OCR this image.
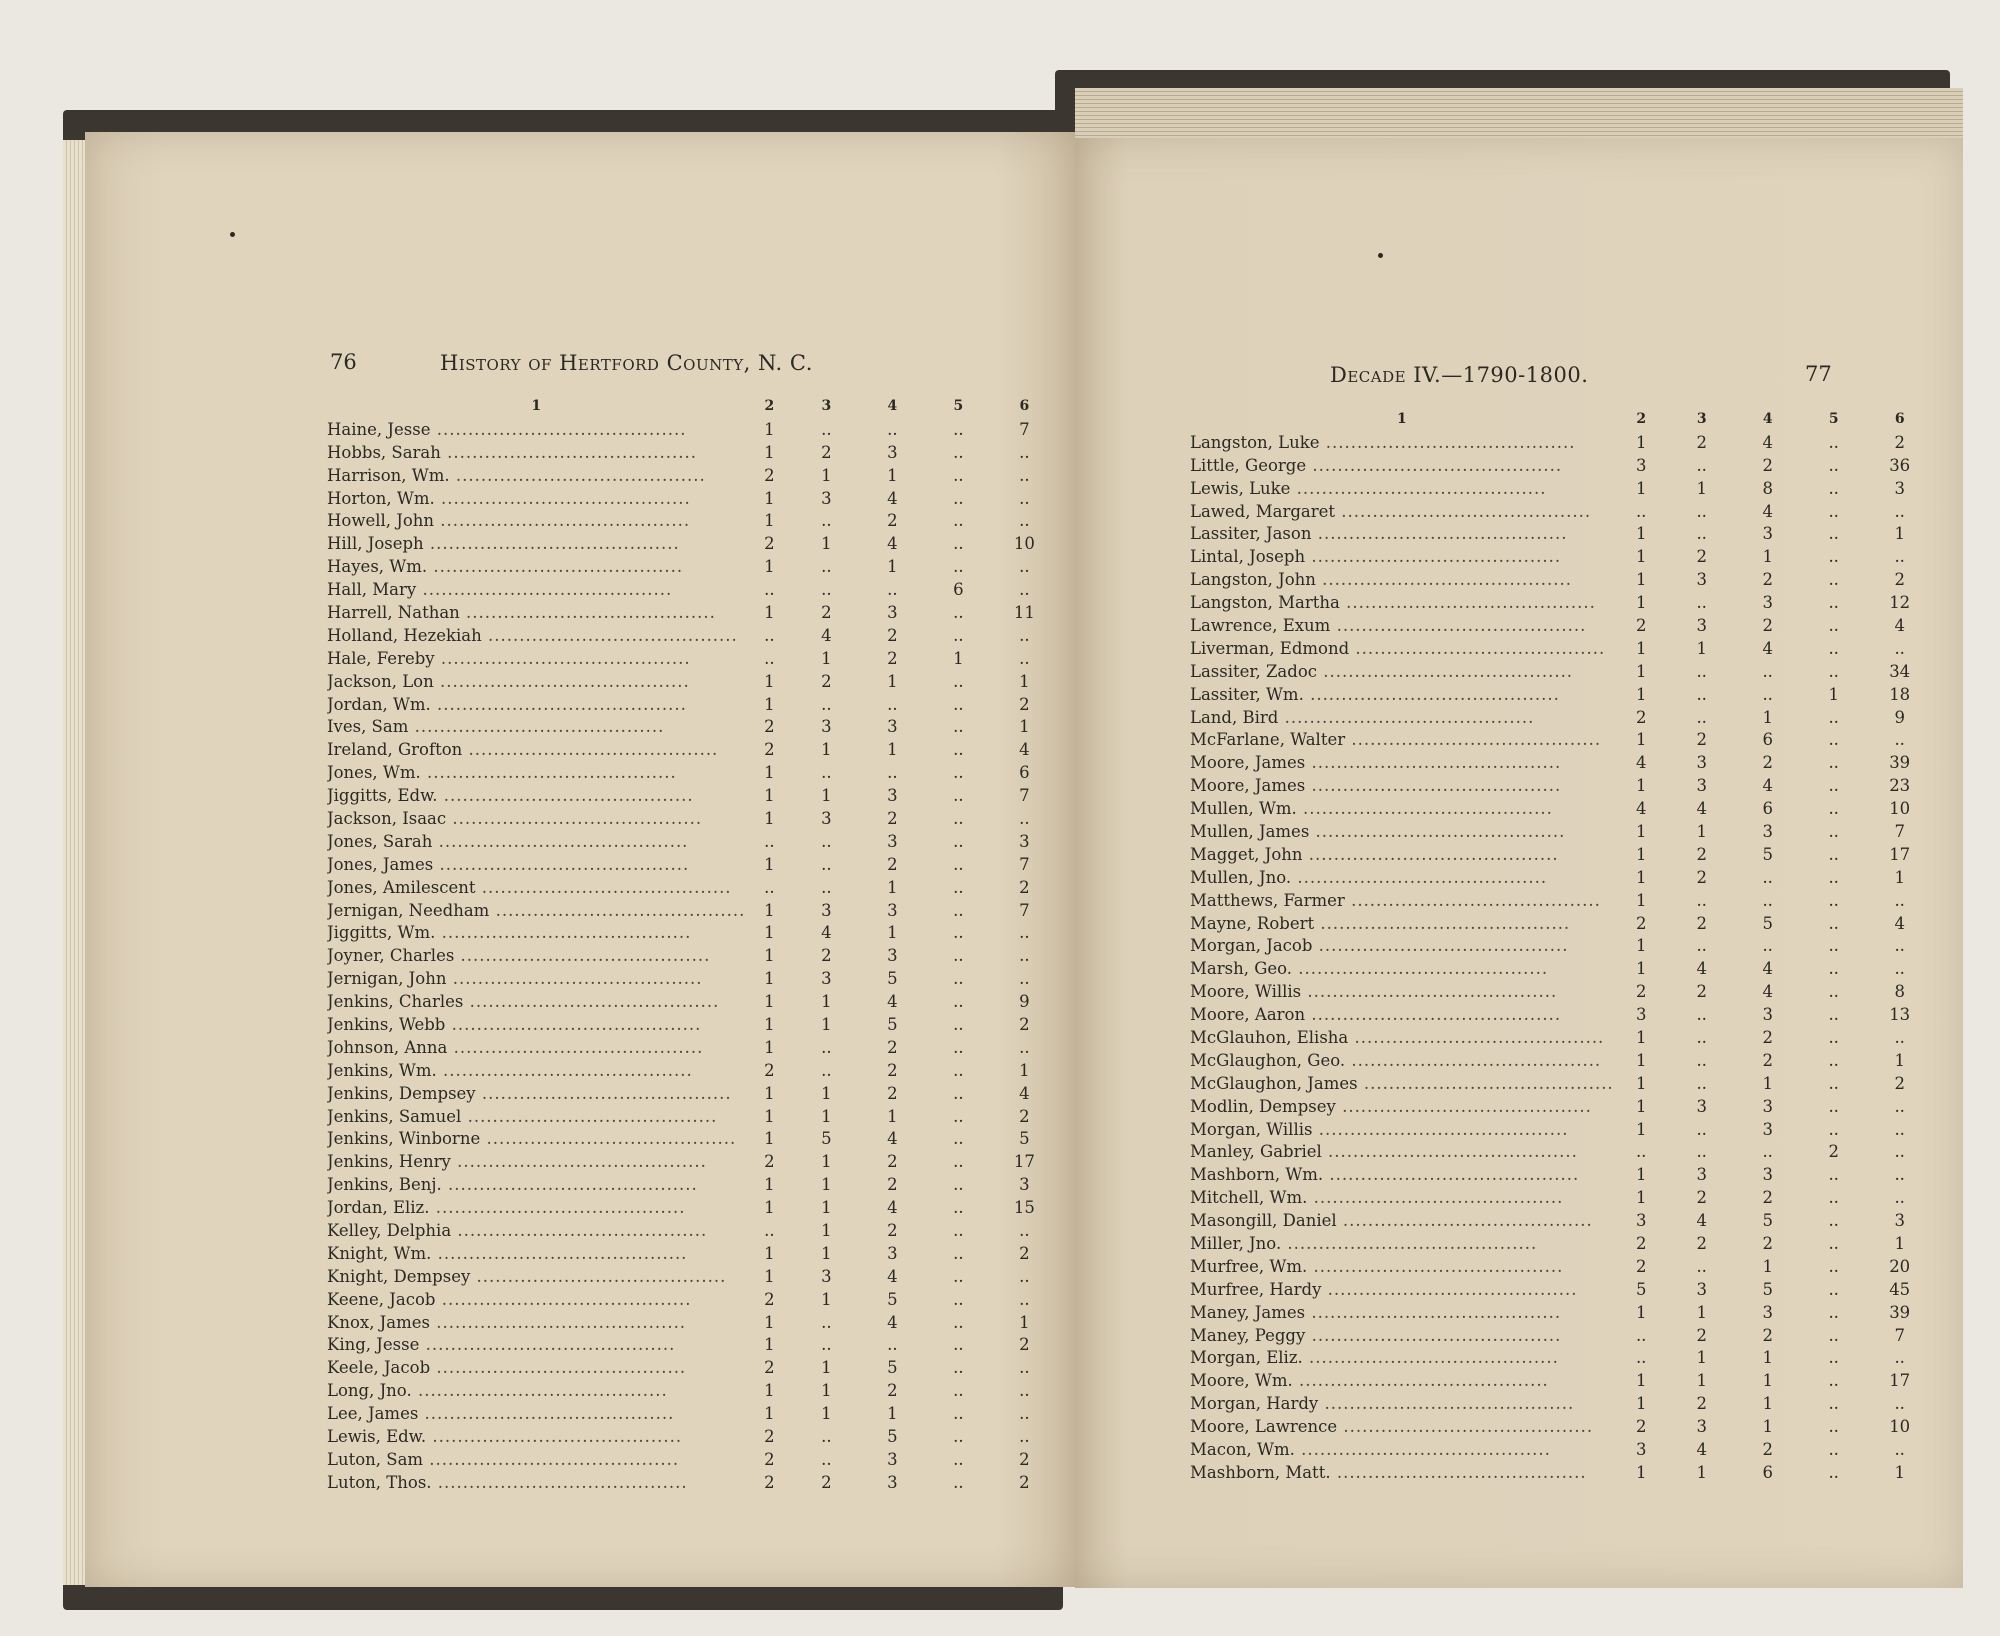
76	History of Hertford County, N. C.
1	2	3	4	5	6
Haine, Jesse ........................................	1	..	..	..	7
Hobbs, Sarah ........................................	1	2	3	..	..
Harrison, Wm. ........................................	2	1	1	..	..
Horton, Wm. ........................................	1	3	4	..	..
Howell, John ........................................	1	..	2	..	..
Hill, Joseph ........................................	2	1	4	..	10
Hayes, Wm. ........................................	1	..	1	..	..
Hall, Mary ........................................	..	..	..	6	..
Harrell, Nathan ........................................	1	2	3	..	11
Holland, Hezekiah ........................................	..	4	2	..	..
Hale, Fereby ........................................	..	1	2	1	..
Jackson, Lon ........................................	1	2	1	..	1
Jordan, Wm. ........................................	1	..	..	..	2
Ives, Sam ........................................	2	3	3	..	1
Ireland, Grofton ........................................	2	1	1	..	4
Jones, Wm. ........................................	1	..	..	..	6
Jiggitts, Edw. ........................................	1	1	3	..	7
Jackson, Isaac ........................................	1	3	2	..	..
Jones, Sarah ........................................	..	..	3	..	3
Jones, James ........................................	1	..	2	..	7
Jones, Amilescent ........................................	..	..	1	..	2
Jernigan, Needham ........................................	1	3	3	..	7
Jiggitts, Wm. ........................................	1	4	1	..	..
Joyner, Charles ........................................	1	2	3	..	..
Jernigan, John ........................................	1	3	5	..	..
Jenkins, Charles ........................................	1	1	4	..	9
Jenkins, Webb ........................................	1	1	5	..	2
Johnson, Anna ........................................	1	..	2	..	..
Jenkins, Wm. ........................................	2	..	2	..	1
Jenkins, Dempsey ........................................	1	1	2	..	4
Jenkins, Samuel ........................................	1	1	1	..	2
Jenkins, Winborne ........................................	1	5	4	..	5
Jenkins, Henry ........................................	2	1	2	..	17
Jenkins, Benj. ........................................	1	1	2	..	3
Jordan, Eliz. ........................................	1	1	4	..	15
Kelley, Delphia ........................................	..	1	2	..	..
Knight, Wm. ........................................	1	1	3	..	2
Knight, Dempsey ........................................	1	3	4	..	..
Keene, Jacob ........................................	2	1	5	..	..
Knox, James ........................................	1	..	4	..	1
King, Jesse ........................................	1	..	..	..	2
Keele, Jacob ........................................	2	1	5	..	..
Long, Jno. ........................................	1	1	2	..	..
Lee, James ........................................	1	1	1	..	..
Lewis, Edw. ........................................	2	..	5	..	..
Luton, Sam ........................................	2	..	3	..	2
Luton, Thos. ........................................	2	2	3	..	2
Decade IV.—1790-1800.	77
1	2	3	4	5	6
Langston, Luke ........................................	1	2	4	..	2
Little, George ........................................	3	..	2	..	36
Lewis, Luke ........................................	1	1	8	..	3
Lawed, Margaret ........................................	..	..	4	..	..
Lassiter, Jason ........................................	1	..	3	..	1
Lintal, Joseph ........................................	1	2	1	..	..
Langston, John ........................................	1	3	2	..	2
Langston, Martha ........................................	1	..	3	..	12
Lawrence, Exum ........................................	2	3	2	..	4
Liverman, Edmond ........................................	1	1	4	..	..
Lassiter, Zadoc ........................................	1	..	..	..	34
Lassiter, Wm. ........................................	1	..	..	1	18
Land, Bird ........................................	2	..	1	..	9
McFarlane, Walter ........................................	1	2	6	..	..
Moore, James ........................................	4	3	2	..	39
Moore, James ........................................	1	3	4	..	23
Mullen, Wm. ........................................	4	4	6	..	10
Mullen, James ........................................	1	1	3	..	7
Magget, John ........................................	1	2	5	..	17
Mullen, Jno. ........................................	1	2	..	..	1
Matthews, Farmer ........................................	1	..	..	..	..
Mayne, Robert ........................................	2	2	5	..	4
Morgan, Jacob ........................................	1	..	..	..	..
Marsh, Geo. ........................................	1	4	4	..	..
Moore, Willis ........................................	2	2	4	..	8
Moore, Aaron ........................................	3	..	3	..	13
McGlauhon, Elisha ........................................	1	..	2	..	..
McGlaughon, Geo. ........................................	1	..	2	..	1
McGlaughon, James ........................................	1	..	1	..	2
Modlin, Dempsey ........................................	1	3	3	..	..
Morgan, Willis ........................................	1	..	3	..	..
Manley, Gabriel ........................................	..	..	..	2	..
Mashborn, Wm. ........................................	1	3	3	..	..
Mitchell, Wm. ........................................	1	2	2	..	..
Masongill, Daniel ........................................	3	4	5	..	3
Miller, Jno. ........................................	2	2	2	..	1
Murfree, Wm. ........................................	2	..	1	..	20
Murfree, Hardy ........................................	5	3	5	..	45
Maney, James ........................................	1	1	3	..	39
Maney, Peggy ........................................	..	2	2	..	7
Morgan, Eliz. ........................................	..	1	1	..	..
Moore, Wm. ........................................	1	1	1	..	17
Morgan, Hardy ........................................	1	2	1	..	..
Moore, Lawrence ........................................	2	3	1	..	10
Macon, Wm. ........................................	3	4	2	..	..
Mashborn, Matt. ........................................	1	1	6	..	1
